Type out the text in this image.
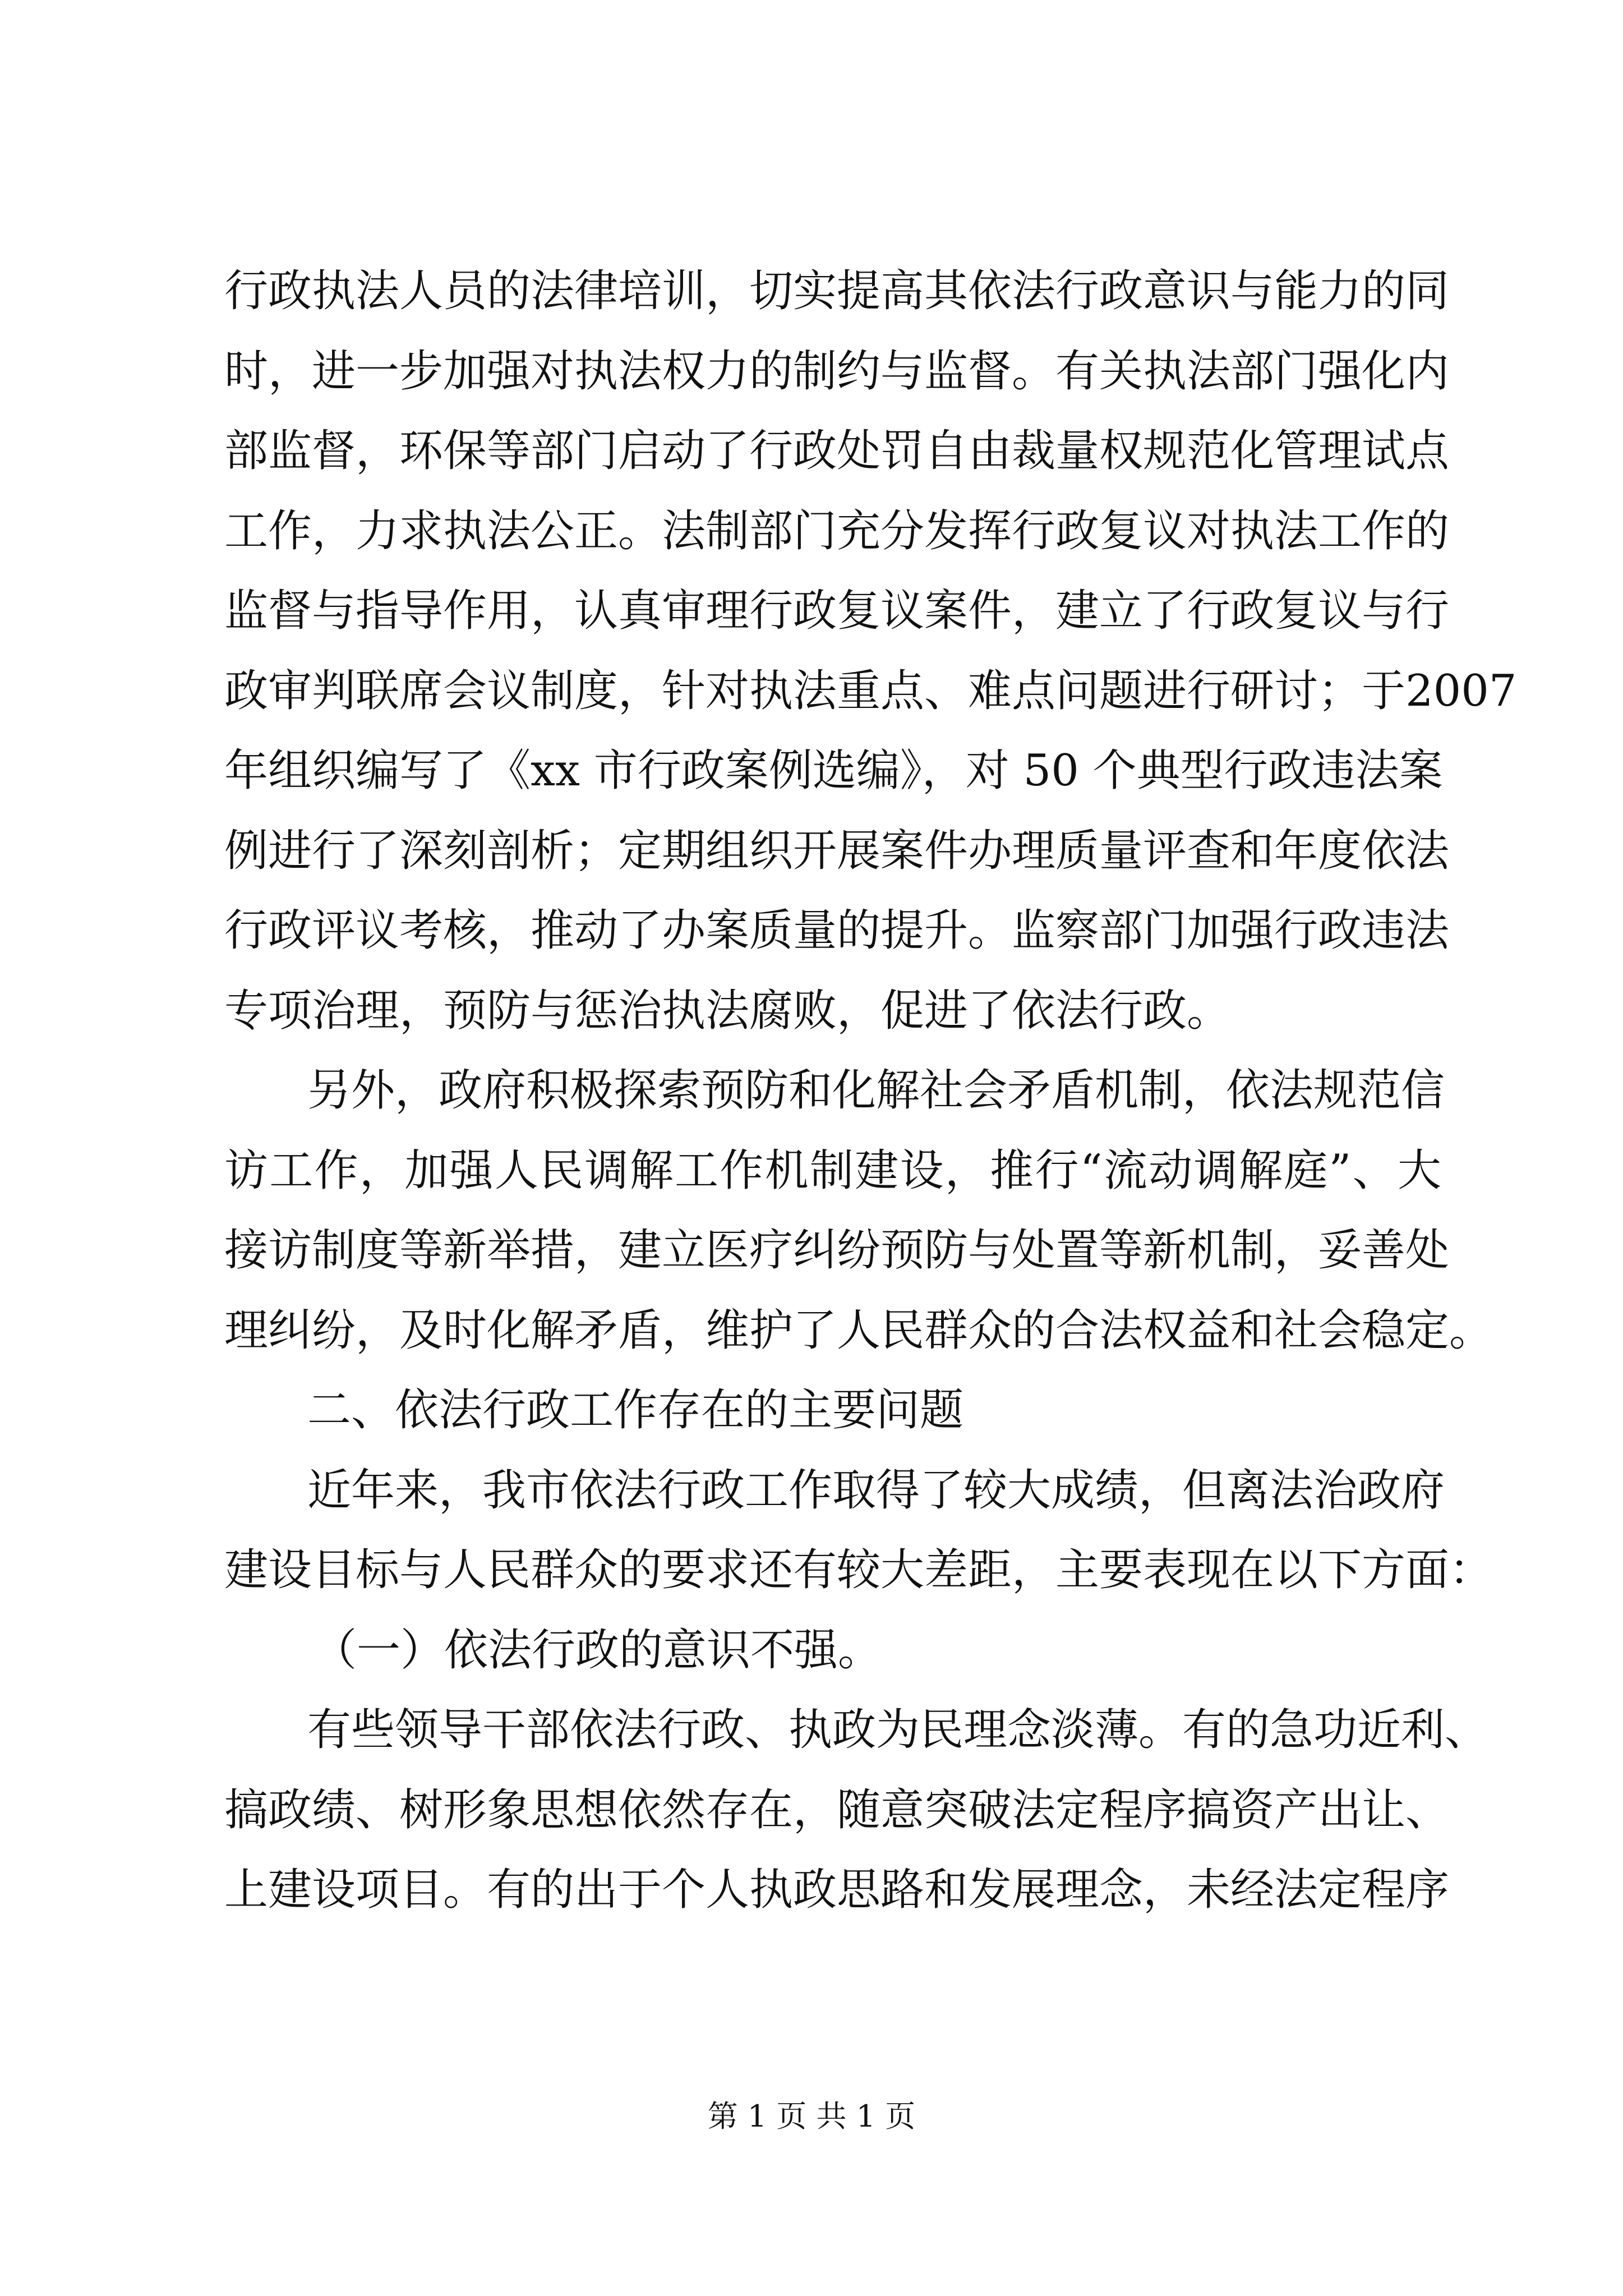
行政执法人员的法律培训，切实提高其依法行政意识与能力的同
时，进一步加强对执法权力的制约与监督。有关执法部门强化内
部监督，环保等部门启动了行政处罚自由裁量权规范化管理试点
工作，力求执法公正。法制部门充分发挥行政复议对执法工作的
监督与指导作用，认真审理行政复议案件，建立了行政复议与行
政审判联席会议制度，针对执法重点、难点问题进行研讨；于2007
年组织编写了《xx 市行政案例选编》，对 50 个典型行政违法案
例进行了深刻剖析；定期组织开展案件办理质量评查和年度依法
行政评议考核，推动了办案质量的提升。监察部门加强行政违法
专项治理，预防与惩治执法腐败，促进了依法行政。
另外，政府积极探索预防和化解社会矛盾机制，依法规范信
访工作，加强人民调解工作机制建设，推行“流动调解庭”、大
接访制度等新举措，建立医疗纠纷预防与处置等新机制，妥善处
理纠纷，及时化解矛盾，维护了人民群众的合法权益和社会稳定。
二、依法行政工作存在的主要问题
近年来，我市依法行政工作取得了较大成绩，但离法治政府
建设目标与人民群众的要求还有较大差距，主要表现在以下方面：
（一）依法行政的意识不强。
有些领导干部依法行政、执政为民理念淡薄。有的急功近利、
搞政绩、树形象思想依然存在，随意突破法定程序搞资产出让、
上建设项目。有的出于个人执政思路和发展理念，未经法定程序
第 1 页 共 1 页
